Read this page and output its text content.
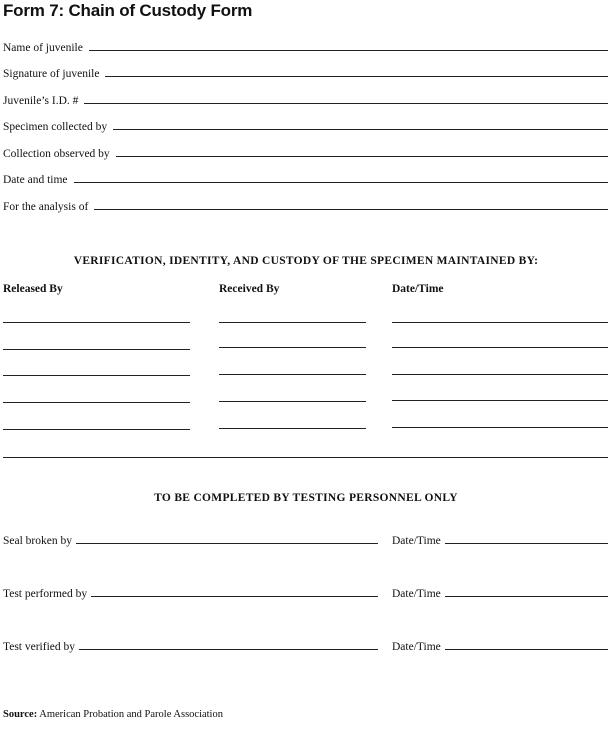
Form 7: Chain of Custody Form
Name of juvenile
Signature of juvenile
Juvenile’s I.D. #
Specimen collected by
Collection observed by
Date and time
For the analysis of
VERIFICATION, IDENTITY, AND CUSTODY OF THE SPECIMEN MAINTAINED BY:
Released By	Received By	Date/Time
TO BE COMPLETED BY TESTING PERSONNEL ONLY
Seal broken by	Date/Time
Test performed by	Date/Time
Test verified by	Date/Time
Source: American Probation and Parole Association
